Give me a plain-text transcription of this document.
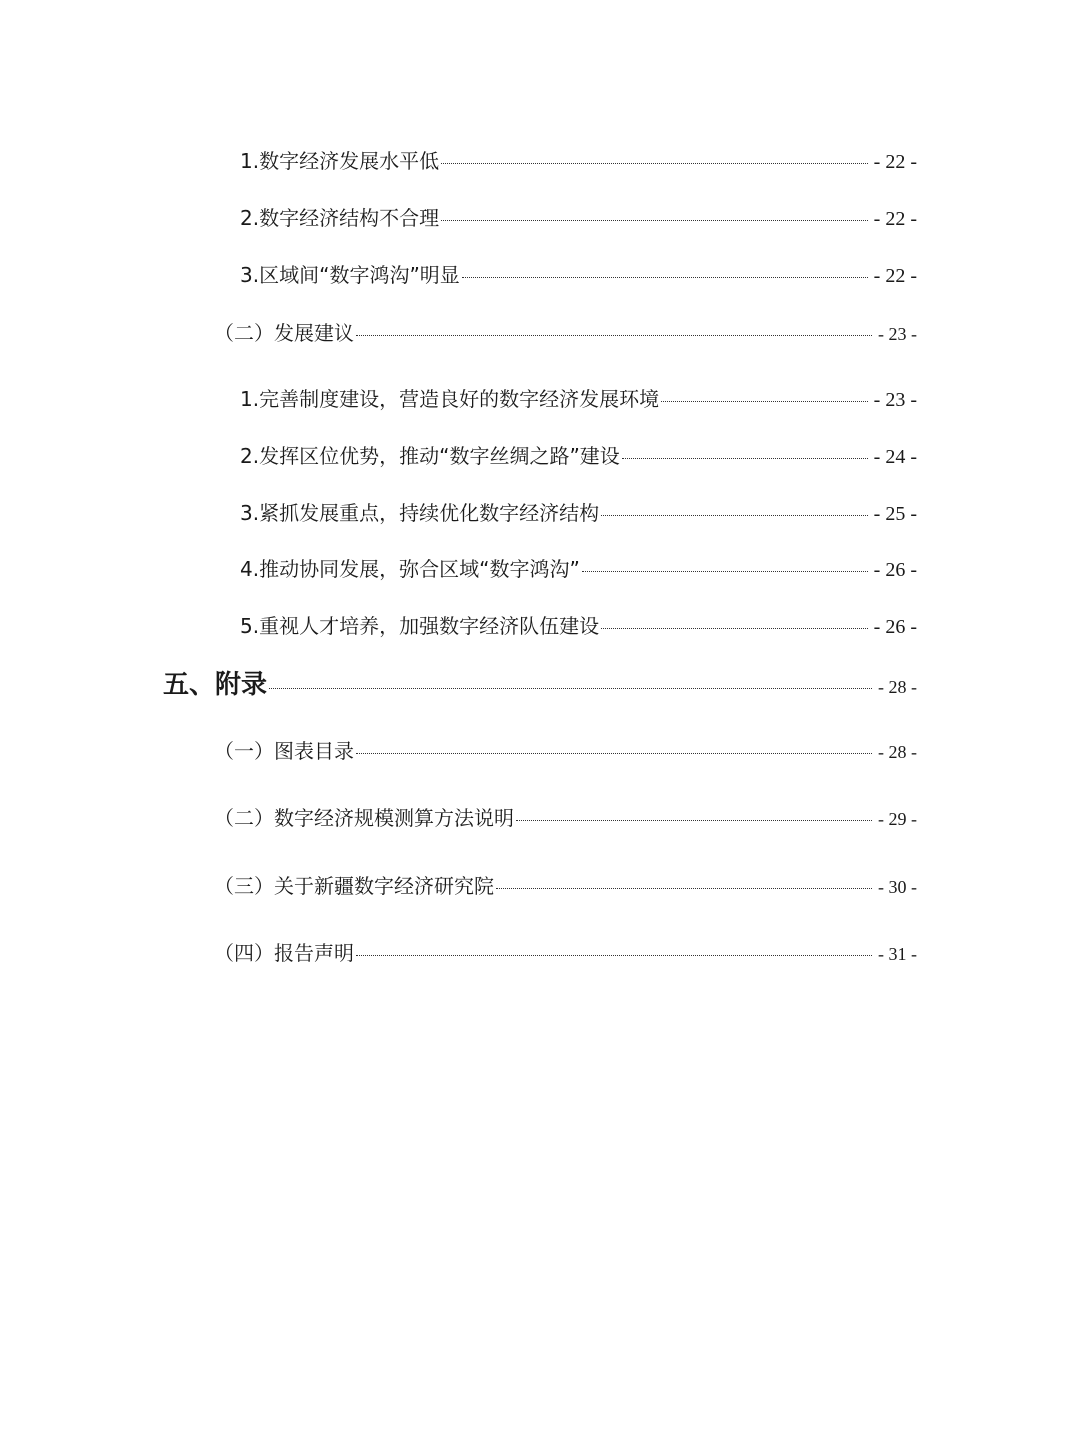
1.数字经济发展水平低	- 22 -
2.数字经济结构不合理	- 22 -
3.区域间“数字鸿沟”明显	- 22 -
（二）发展建议	- 23 -
1.完善制度建设，营造良好的数字经济发展环境	- 23 -
2.发挥区位优势，推动“数字丝绸之路”建设	- 24 -
3.紧抓发展重点，持续优化数字经济结构	- 25 -
4.推动协同发展，弥合区域“数字鸿沟”	- 26 -
5.重视人才培养，加强数字经济队伍建设	- 26 -
五、附录	- 28 -
（一）图表目录	- 28 -
（二）数字经济规模测算方法说明	- 29 -
（三）关于新疆数字经济研究院	- 30 -
（四）报告声明	- 31 -
